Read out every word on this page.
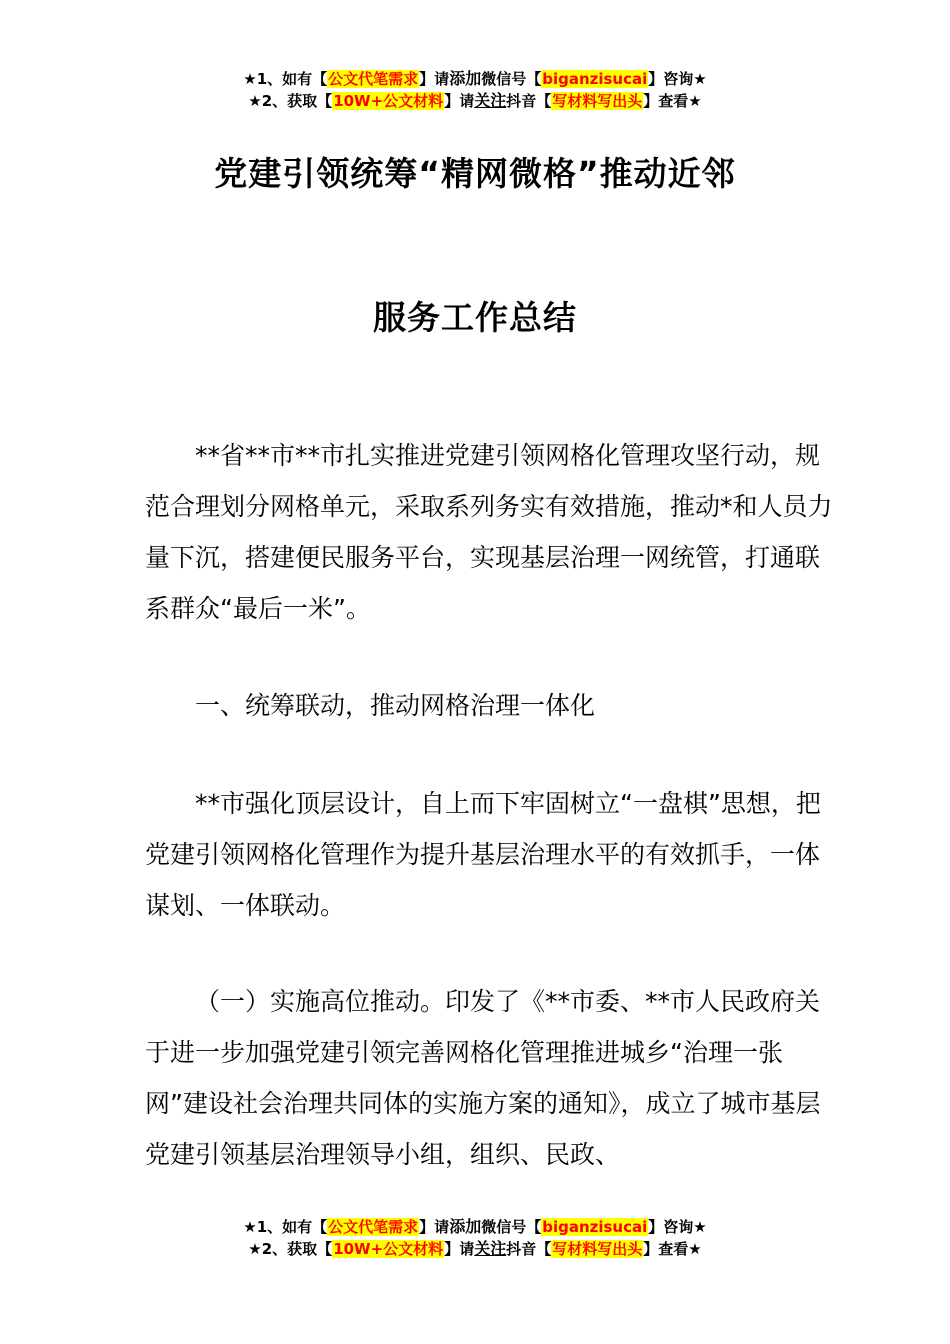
★1、如有【公文代笔需求】请添加微信号【biganzisucai】咨询★
★2、获取【10W+公文材料】请关注抖音【写材料写出头】查看★
党建引领统筹“精网微格”推动近邻
服务工作总结

**省**市**市扎实推进党建引领网格化管理攻坚行动，规范合理划分网格单元，采取系列务实有效措施，推动*和人员力量下沉，搭建便民服务平台，实现基层治理一网统管，打通联系群众“最后一米”。

一、统筹联动，推动网格治理一体化

**市强化顶层设计，自上而下牢固树立“一盘棋”思想，把党建引领网格化管理作为提升基层治理水平的有效抓手，一体谋划、一体联动。

（一）实施高位推动。印发了《**市委、**市人民政府关于进一步加强党建引领完善网格化管理推进城乡“治理一张网”建设社会治理共同体的实施方案的通知》，成立了城市基层党建引领基层治理领导小组，组织、民政、

★1、如有【公文代笔需求】请添加微信号【biganzisucai】咨询★
★2、获取【10W+公文材料】请关注抖音【写材料写出头】查看★
